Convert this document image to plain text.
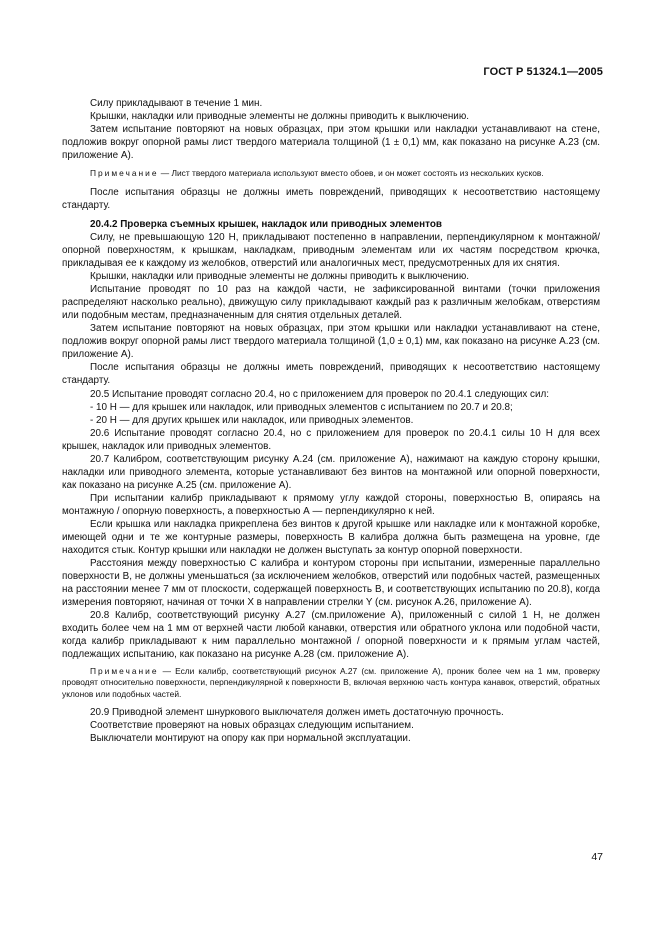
ГОСТ Р 51324.1—2005

Силу прикладывают в течение 1 мин.

Крышки, накладки или приводные элементы не должны приводить к выключению.

Затем испытание повторяют на новых образцах, при этом крышки или накладки устанавливают на стене, подложив вокруг опорной рамы лист твердого материала толщиной (1 ± 0,1) мм, как показано на рисунке А.23 (см. приложение А).

Примечание — Лист твердого материала используют вместо обоев, и он может состоять из нескольких кусков.

После испытания образцы не должны иметь повреждений, приводящих к несоответствию настоящему стандарту.

20.4.2 Проверка съемных крышек, накладок или приводных элементов

Силу, не превышающую 120 Н, прикладывают постепенно в направлении, перпендикулярном к монтажной/опорной поверхностям, к крышкам, накладкам, приводным элементам или их частям посредством крючка, прикладывая ее к каждому из желобков, отверстий или аналогичных мест, предусмотренных для их снятия.

Крышки, накладки или приводные элементы не должны приводить к выключению.

Испытание проводят по 10 раз на каждой части, не зафиксированной винтами (точки приложения распределяют насколько реально), движущую силу прикладывают каждый раз к различным желобкам, отверстиям или подобным местам, предназначенным для снятия отдельных деталей.

Затем испытание повторяют на новых образцах, при этом крышки или накладки устанавливают на стене, подложив вокруг опорной рамы лист твердого материала толщиной (1,0 ± 0,1) мм, как показано на рисунке А.23 (см. приложение А).

После испытания образцы не должны иметь повреждений, приводящих к несоответствию настоящему стандарту.

20.5 Испытание проводят согласно 20.4, но с приложением для проверок по 20.4.1 следующих сил:

- 10 Н — для крышек или накладок, или приводных элементов с испытанием по 20.7 и 20.8;

- 20 Н — для других крышек или накладок, или приводных элементов.

20.6 Испытание проводят согласно 20.4, но с приложением для проверок по 20.4.1 силы 10 Н для всех крышек, накладок или приводных элементов.

20.7 Калибром, соответствующим рисунку А.24 (см. приложение А), нажимают на каждую сторону крышки, накладки или приводного элемента, которые устанавливают без винтов на монтажной или опорной поверхности, как показано на рисунке А.25 (см. приложение А).

При испытании калибр прикладывают к прямому углу каждой стороны, поверхностью В, опираясь на монтажную / опорную поверхность, а поверхностью А — перпендикулярно к ней.

Если крышка или накладка прикреплена без винтов к другой крышке или накладке или к монтажной коробке, имеющей одни и те же контурные размеры, поверхность В калибра должна быть размещена на уровне, где находится стык. Контур крышки или накладки не должен выступать за контур опорной поверхности.

Расстояния между поверхностью С калибра и контуром стороны при испытании, измеренные параллельно поверхности В, не должны уменьшаться (за исключением желобков, отверстий или подобных частей, размещенных на расстоянии менее 7 мм от плоскости, содержащей поверхность В, и соответствующих испытанию по 20.8), когда измерения повторяют, начиная от точки Х в направлении стрелки Y (см. рисунок А.26, приложение А).

20.8 Калибр, соответствующий рисунку А.27 (см.приложение А), приложенный с силой 1 Н, не должен входить более чем на 1 мм от верхней части любой канавки, отверстия или обратного уклона или подобной части, когда калибр прикладывают к ним параллельно монтажной / опорной поверхности и к прямым углам частей, подлежащих испытанию, как показано на рисунке А.28 (см. приложение А).

Примечание — Если калибр, соответствующий рисунок А.27 (см. приложение А), проник более чем на 1 мм, проверку проводят относительно поверхности, перпендикулярной к поверхности В, включая верхнюю часть контура канавок, отверстий, обратных уклонов или подобных частей.

20.9 Приводной элемент шнуркового выключателя должен иметь достаточную прочность.

Соответствие проверяют на новых образцах следующим испытанием.

Выключатели монтируют на опору как при нормальной эксплуатации.

47
